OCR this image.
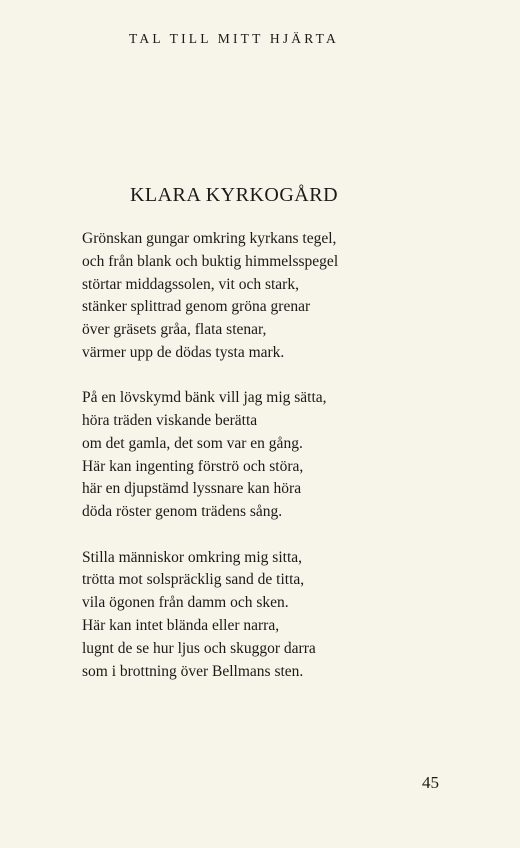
TAL TILL MITT HJÄRTA
KLARA KYRKOGÅRD
Grönskan gungar omkring kyrkans tegel,
och från blank och buktig himmelsspegel
störtar middagssolen, vit och stark,
stänker splittrad genom gröna grenar
över gräsets gråa, flata stenar,
värmer upp de dödas tysta mark.
På en lövskymd bänk vill jag mig sätta,
höra träden viskande berätta
om det gamla, det som var en gång.
Här kan ingenting förströ och störa,
här en djupstämd lyssnare kan höra
döda röster genom trädens sång.
Stilla människor omkring mig sitta,
trötta mot solspräcklig sand de titta,
vila ögonen från damm och sken.
Här kan intet blända eller narra,
lugnt de se hur ljus och skuggor darra
som i brottning över Bellmans sten.
45
